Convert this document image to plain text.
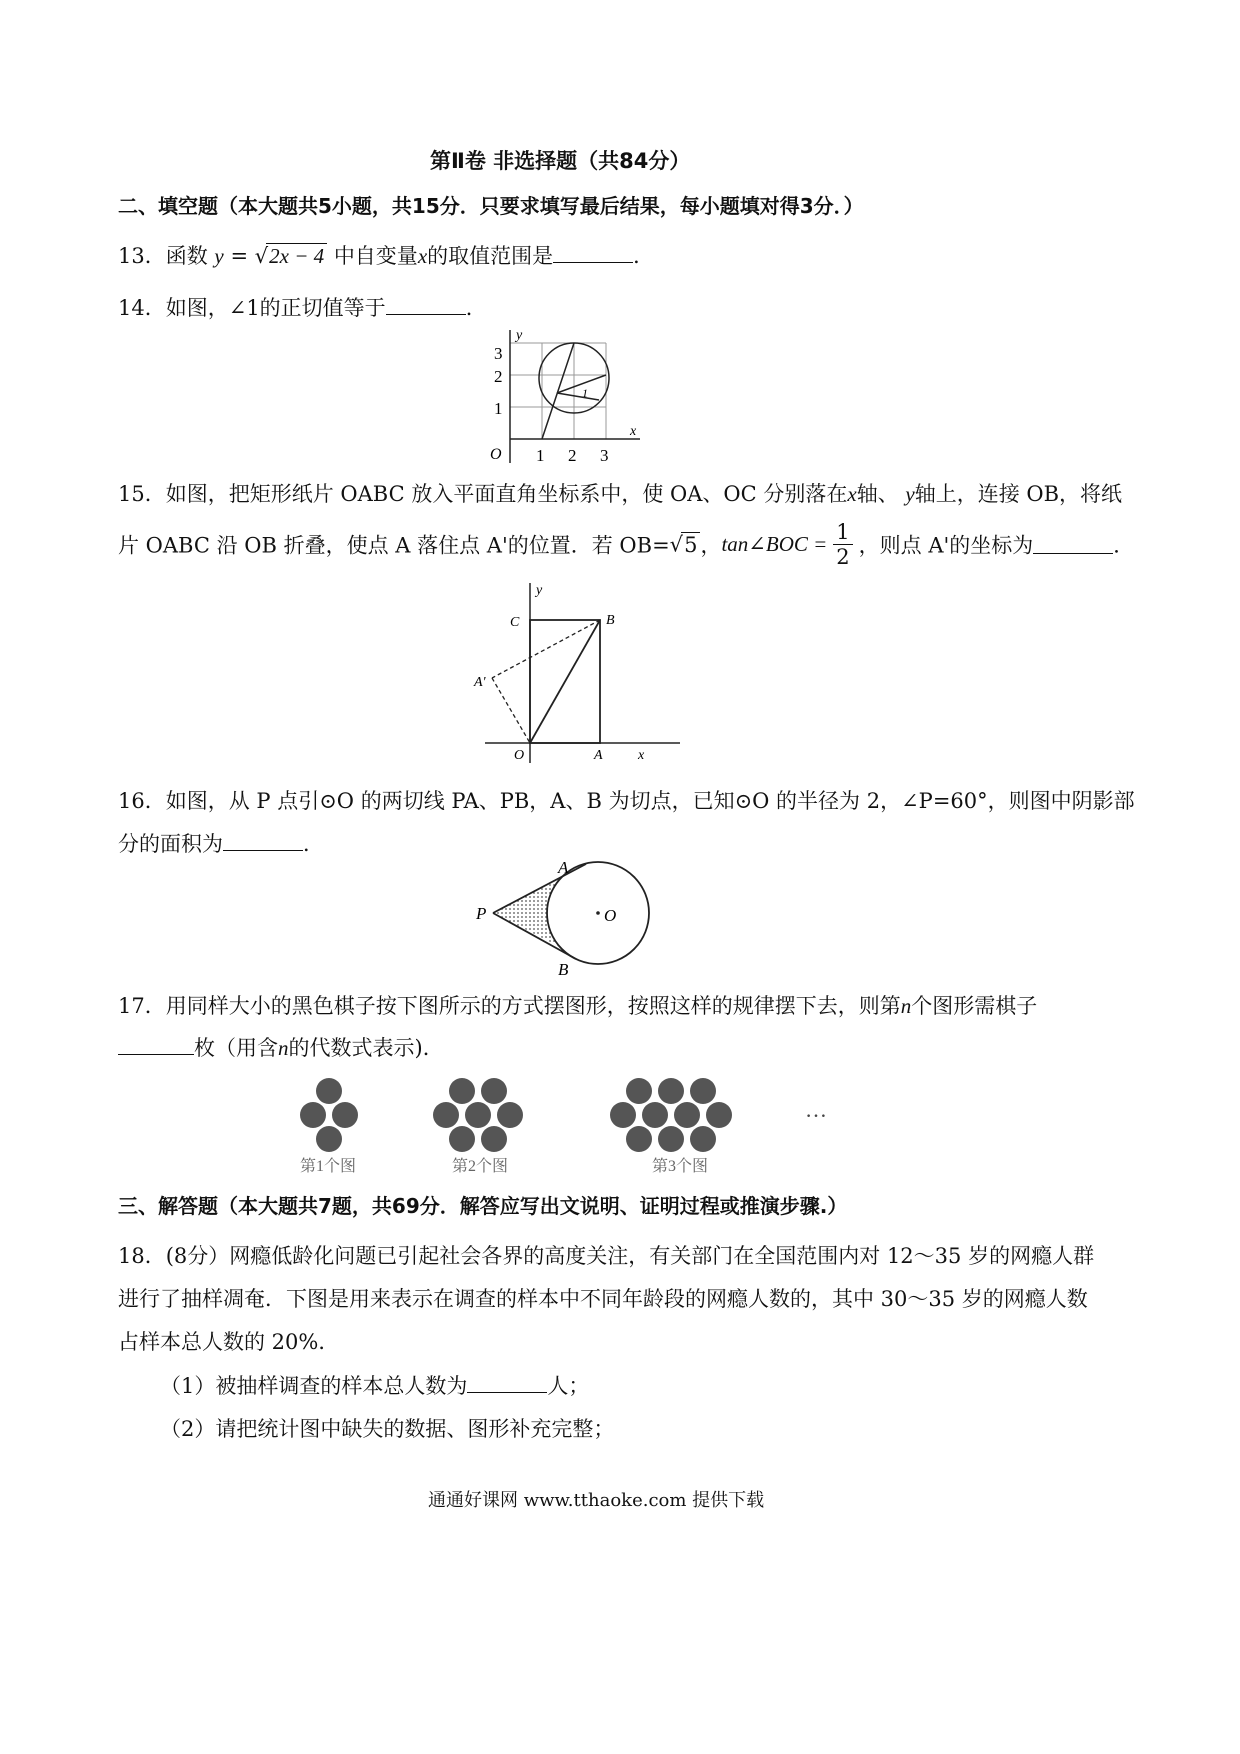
第Ⅱ卷 非选择题（共84分）
二、填空题（本大题共5小题，共15分．只要求填写最后结果，每小题填对得3分．）
13．函数 y = √2x − 4 中自变量x的取值范围是	．
14．如图，∠1的正切值等于	．
y
x
O 1 2 3
1
2
3
1
15．如图，把矩形纸片 OABC 放入平面直角坐标系中，使 OA、OC 分别落在x轴、 y轴上，连接 OB，将纸
片 OABC 沿 OB 折叠，使点 A 落住点 A'的位置．若 OB=√5 ，tan∠BOC = $\frac{1}{2}$ ，则点 A'的坐标为	．
y
x
C	B
A'
O	A
16．如图，从 P 点引⊙O 的两切线 PA、PB，A、B 为切点，已知⊙O 的半径为 2，∠P=60°，则图中阴影部
分的面积为	．
P
A
B
O
17．用同样大小的黑色棋子按下图所示的方式摆图形，按照这样的规律摆下去，则第n个图形需棋子
枚（用含n的代数式表示)．
第1个图	第2个图	第3个图
…
三、解答题（本大题共7题，共69分．解答应写出文说明、证明过程或推演步骤.）
18．(8分）网瘾低龄化问题已引起社会各界的高度关注，有关部门在全国范围内对 12～35 岁的网瘾人群
进行了抽样凋奄．下图是用来表示在调查的样本中不同年龄段的网瘾人数的，其中 30～35 岁的网瘾人数
占样本总人数的 20%．
（1）被抽样调查的样本总人数为	人；
（2）请把统计图中缺失的数据、图形补充完整；
通通好课网 www.tthaoke.com 提供下载
